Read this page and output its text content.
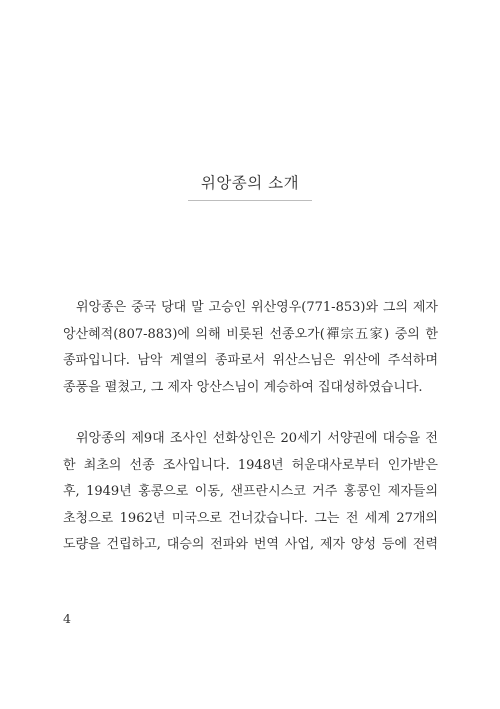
위앙종의 소개
위앙종은 중국 당대 말 고승인 위산영우(771-853)와 그의 제자
앙산혜적(807-883)에 의해 비롯된 선종오가(禪宗五家) 중의 한
종파입니다. 남악 계열의 종파로서 위산스님은 위산에 주석하며
종풍을 펼쳤고, 그 제자 앙산스님이 계승하여 집대성하였습니다.
위앙종의 제9대 조사인 선화상인은 20세기 서양권에 대승을 전
한 최초의 선종 조사입니다. 1948년 허운대사로부터 인가받은
후, 1949년 홍콩으로 이동, 샌프란시스코 거주 홍콩인 제자들의
초청으로 1962년 미국으로 건너갔습니다. 그는 전 세계 27개의
도량을 건립하고, 대승의 전파와 번역 사업, 제자 양성 등에 전력
4
